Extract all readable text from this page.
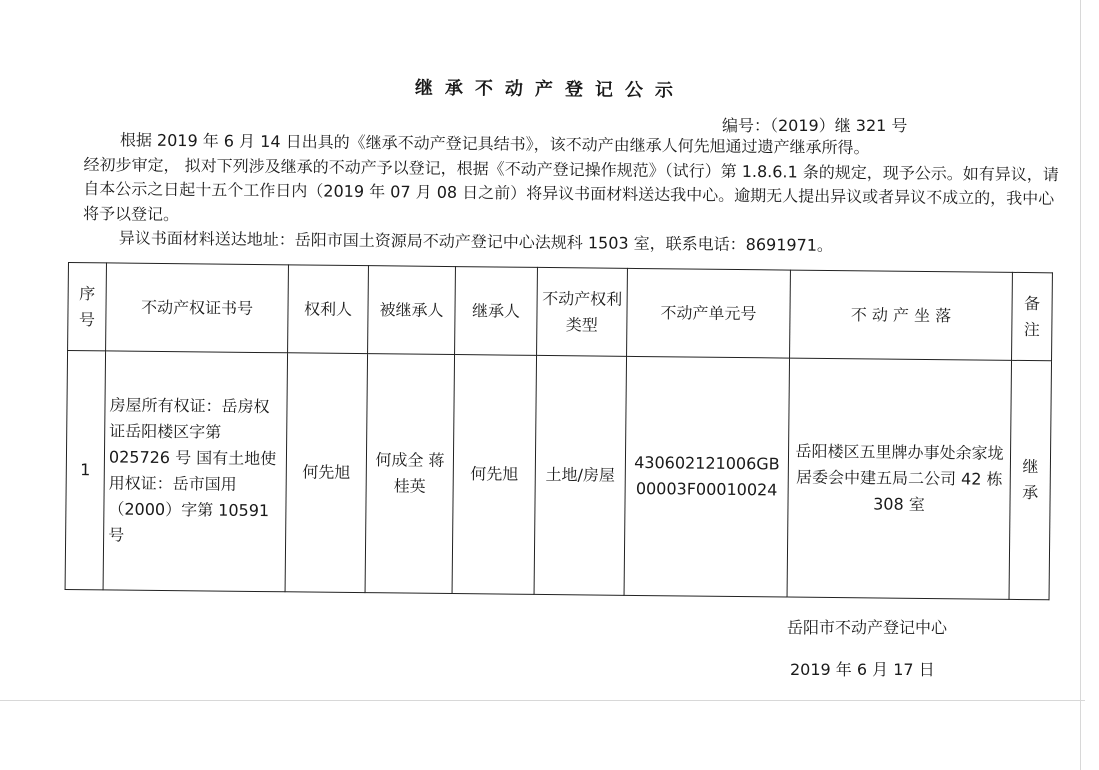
继承不动产登记公示
编号：（2019）继 321 号

根据 2019 年 6 月 14 日出具的《继承不动产登记具结书》，该不动产由继承人何先旭通过遗产继承所得。

经初步审定， 拟对下列涉及继承的不动产予以登记，根据《不动产登记操作规范》（试行）第 1.8.6.1 条的规定，现予公示。如有异议，请自本公示之日起十五个工作日内（2019 年 07 月 08 日之前）将异议书面材料送达我中心。逾期无人提出异议或者异议不成立的，我中心将予以登记。

异议书面材料送达地址：岳阳市国土资源局不动产登记中心法规科 1503 室，联系电话：8691971。

序号	不动产权证书号	权利人	被继承人	继承人	不动产权利类型	不动产单元号	不 动 产 坐 落	备注
1	房屋所有权证：岳房权证岳阳楼区字第 025726 号 国有土地使用权证：岳市国用（2000）字第 10591 号	何先旭	何成全 蒋桂英	何先旭	土地/房屋	430602121006GB00003F00010024	岳阳楼区五里牌办事处余家垅居委会中建五局二公司 42 栋 308 室	继承
岳阳市不动产登记中心
2019 年 6 月 17 日
